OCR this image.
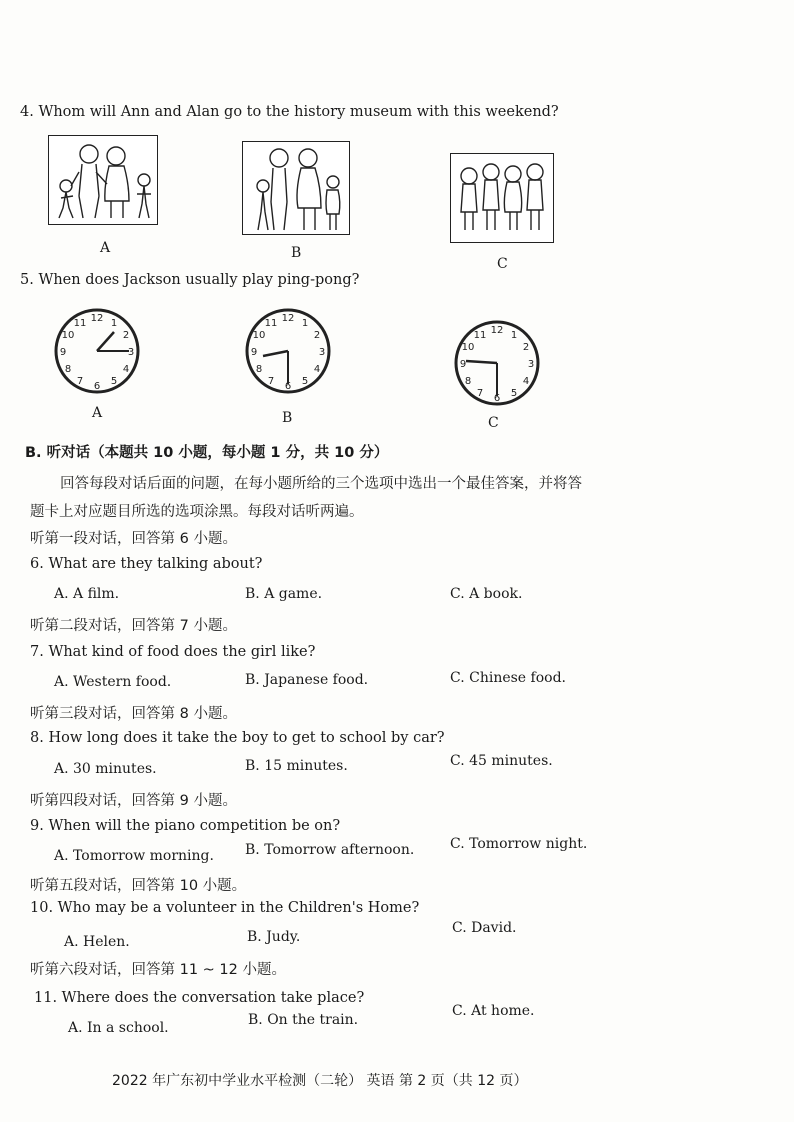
4. Whom will Ann and Alan go to the history museum with this weekend?
A	B
C
5. When does Jackson usually play ping-pong?
12 1
2
3
4
5
6
7
8
9
10
11
A
12 1
2
3
4
5
6
7
8
9
10
11
B
12 1
2
3
4
5
6
7
8
9
10
11
C
B. 听对话（本题共 10 小题，每小题 1 分，共 10 分）
回答每段对话后面的问题，在每小题所给的三个选项中选出一个最佳答案，并将答
题卡上对应题目所选的选项涂黑。每段对话听两遍。
听第一段对话，回答第 6 小题。
6. What are they talking about?
A. A film.	B. A game.	C. A book.
听第二段对话，回答第 7 小题。
7. What kind of food does the girl like?
A. Western food.	B. Japanese food.	C. Chinese food.
听第三段对话，回答第 8 小题。
8. How long does it take the boy to get to school by car?
A. 30 minutes.	B. 15 minutes.	C. 45 minutes.
听第四段对话，回答第 9 小题。
9. When will the piano competition be on?
A. Tomorrow morning. B. Tomorrow afternoon.	C. Tomorrow night.
听第五段对话，回答第 10 小题。
10. Who may be a volunteer in the Children's Home?
A. Helen.	B. Judy.
C. David.
听第六段对话，回答第 11 ~ 12 小题。
11. Where does the conversation take place?
A. In a school.	B. On the train.
C. At home.
2022 年广东初中学业水平检测（二轮） 英语 第 2 页（共 12 页）
